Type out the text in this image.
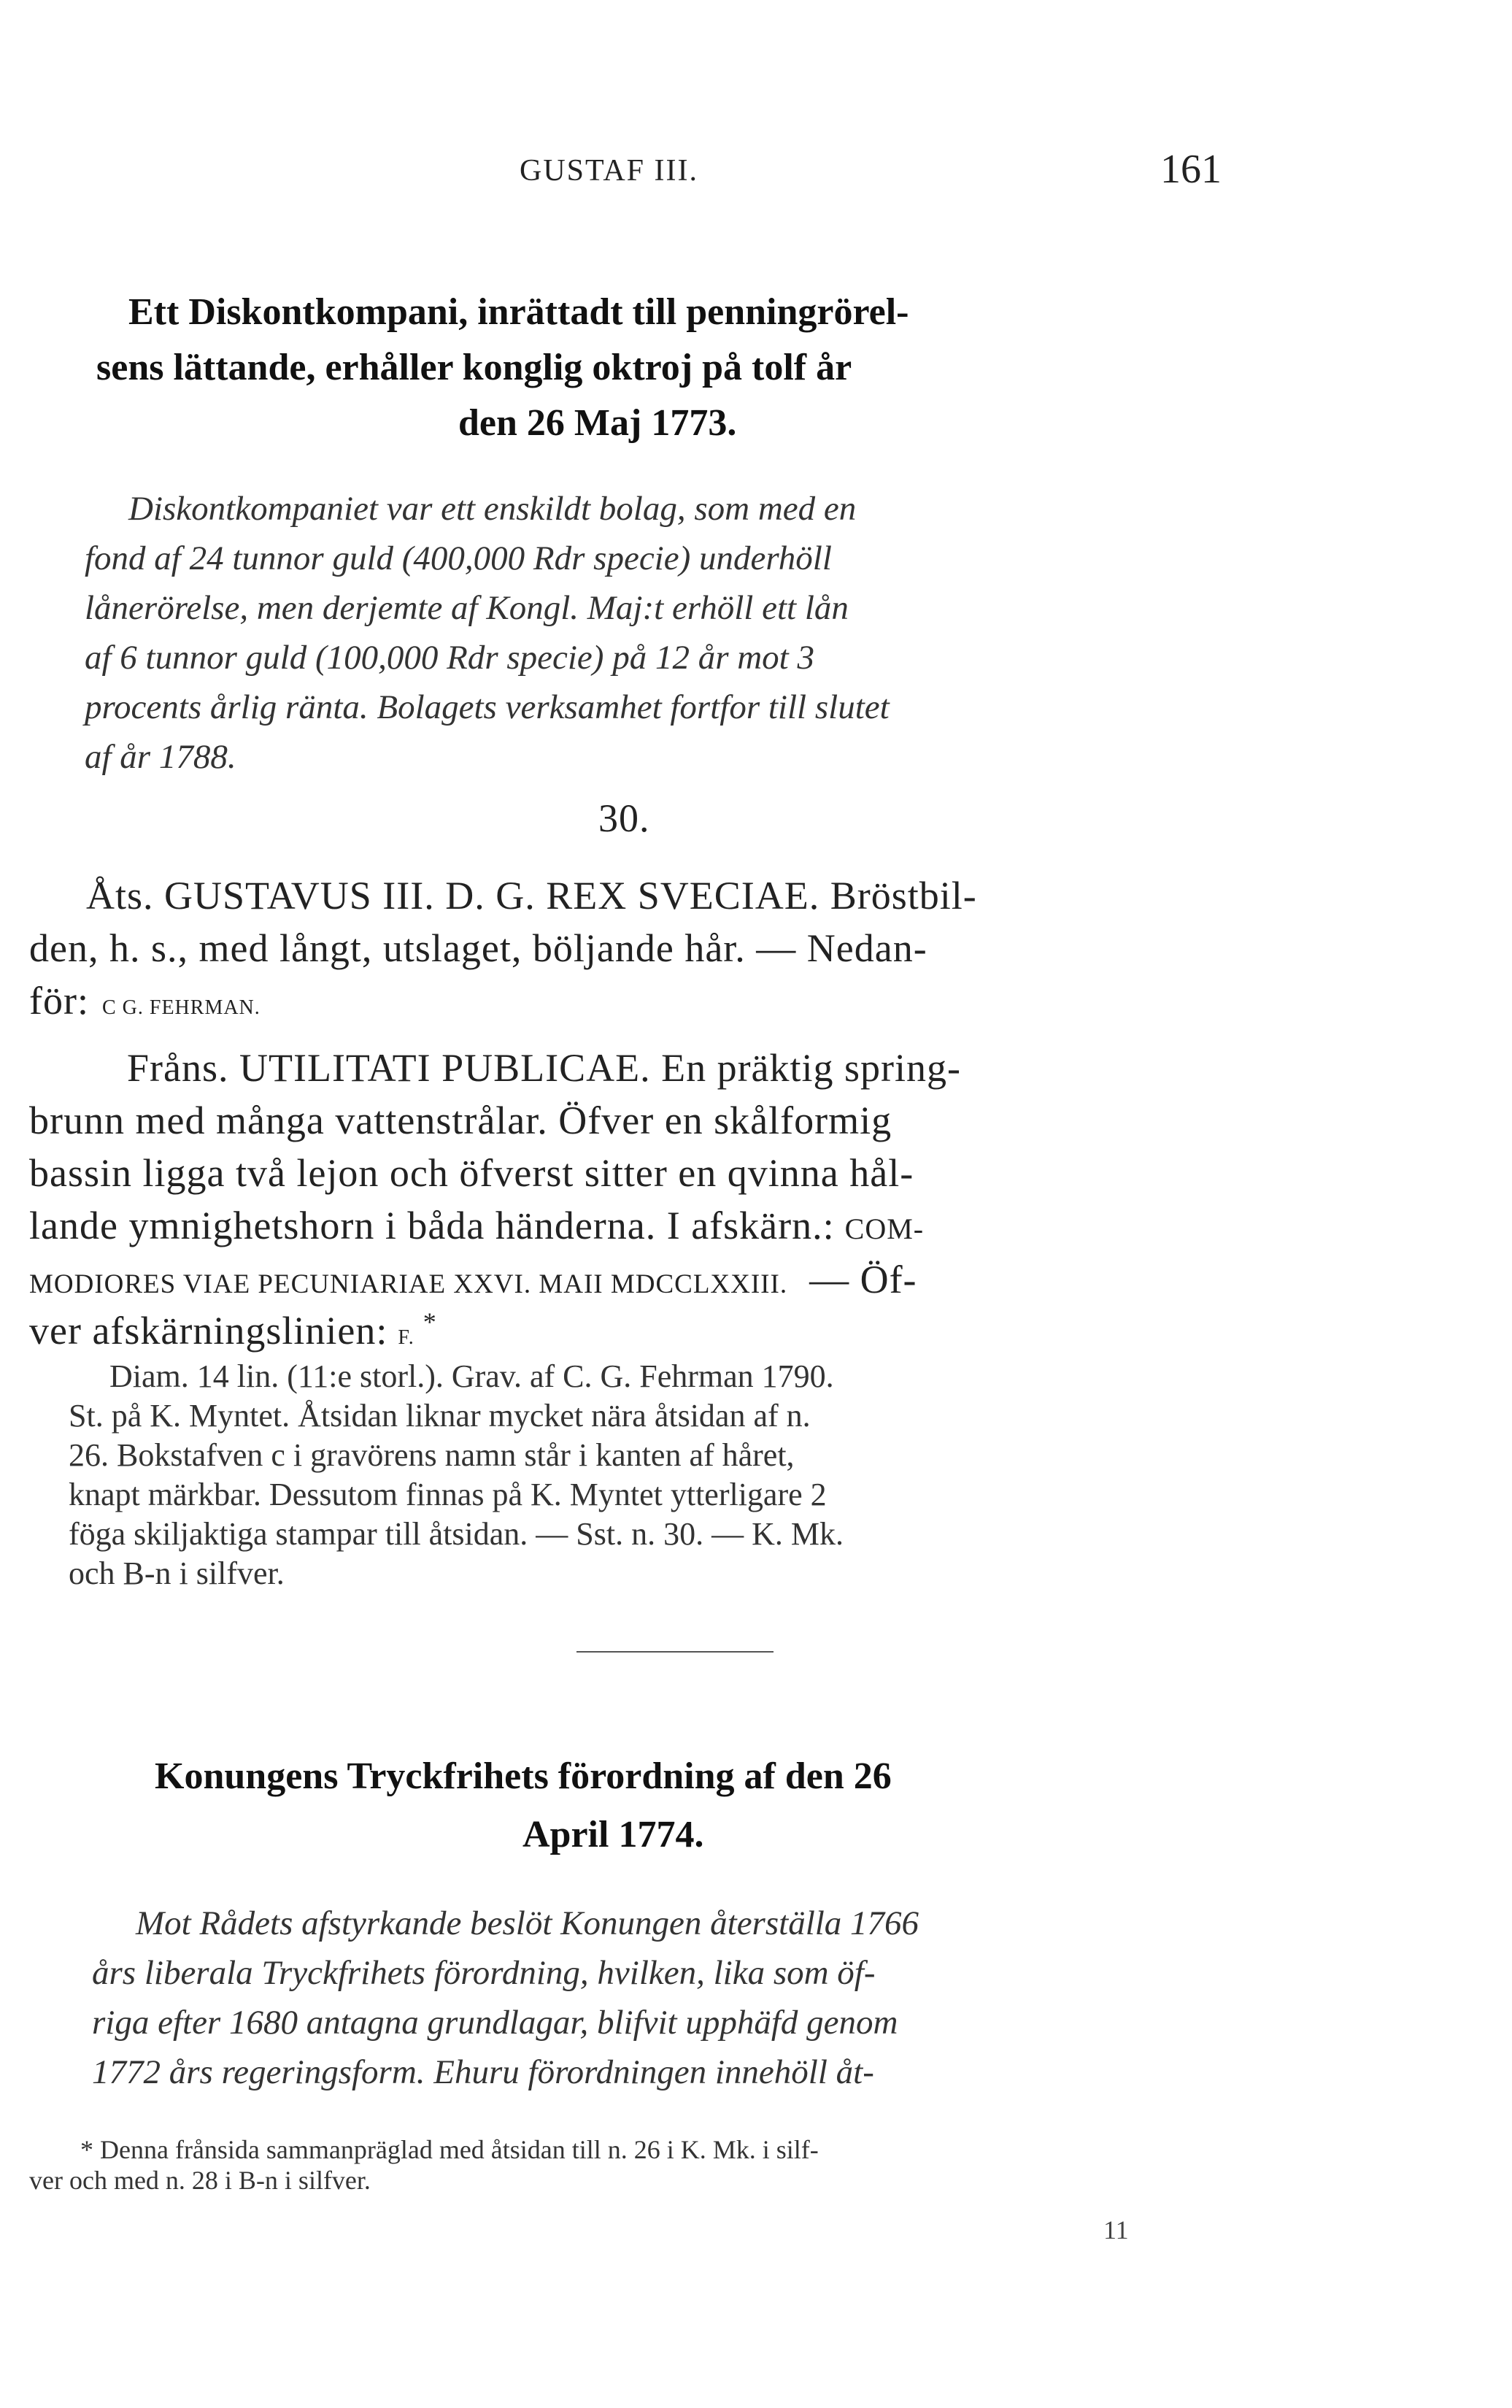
GUSTAF III.	161
Ett Diskontkompani, inrättadt till penningrörel-
sens lättande, erhåller konglig oktroj på tolf år
den 26 Maj 1773.
Diskontkompaniet var ett enskildt bolag, som med en
fond af 24 tunnor guld (400,000 Rdr specie) underhöll
lånerörelse, men derjemte af Kongl. Maj:t erhöll ett lån
af 6 tunnor guld (100,000 Rdr specie) på 12 år mot 3
procents årlig ränta. Bolagets verksamhet fortfor till slutet
af år 1788.
30.
Åts. GUSTAVUS III. D. G. REX SVECIAE. Bröstbil-
den, h. s., med långt, utslaget, böljande hår. — Nedan-
för: C G. FEHRMAN.
Fråns. UTILITATI PUBLICAE. En präktig spring-
brunn med många vattenstrålar. Öfver en skålformig
bassin ligga två lejon och öfverst sitter en qvinna hål-
lande ymnighetshorn i båda händerna. I afskärn.: COM-
MODIORES VIAE PECUNIARIAE XXVI. MAII MDCCLXXIII. — Öf-
ver afskärningslinien: F. *
Diam. 14 lin. (11:e storl.). Grav. af C. G. Fehrman 1790.
St. på K. Myntet. Åtsidan liknar mycket nära åtsidan af n.
26. Bokstafven c i gravörens namn står i kanten af håret,
knapt märkbar. Dessutom finnas på K. Myntet ytterligare 2
föga skiljaktiga stampar till åtsidan. — Sst. n. 30. — K. Mk.
och B-n i silfver.
Konungens Tryckfrihets förordning af den 26
April 1774.
Mot Rådets afstyrkande beslöt Konungen återställa 1766
års liberala Tryckfrihets förordning, hvilken, lika som öf-
riga efter 1680 antagna grundlagar, blifvit upphäfd genom
1772 års regeringsform. Ehuru förordningen innehöll åt-
* Denna frånsida sammanpräglad med åtsidan till n. 26 i K. Mk. i silf-
ver och med n. 28 i B-n i silfver.
11
